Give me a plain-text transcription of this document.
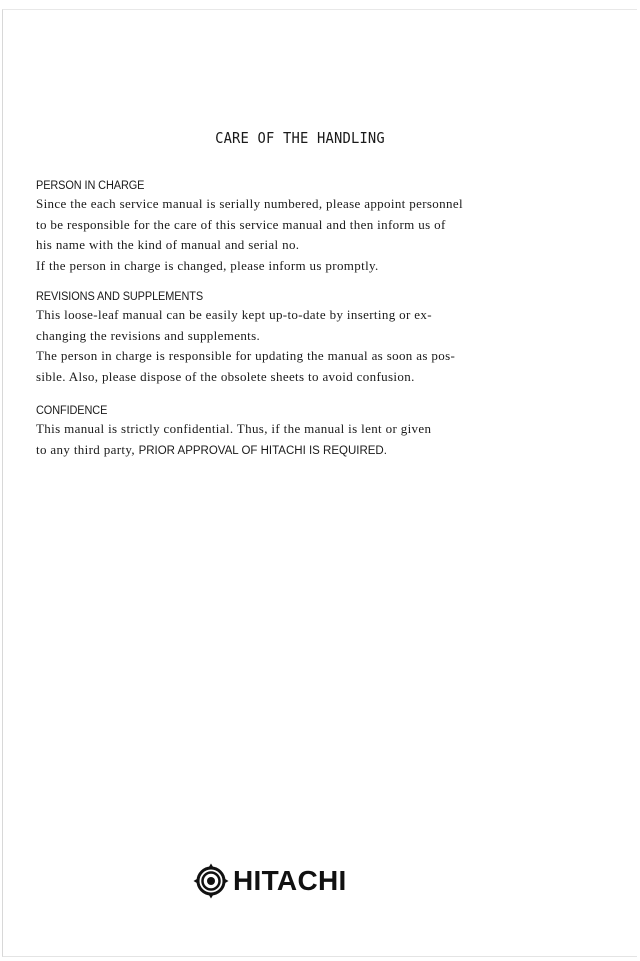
CARE OF THE HANDLING
PERSON IN CHARGE

Since the each service manual is serially numbered, please appoint personnel

to be responsible for the care of this service manual and then inform us of

his name with the kind of manual and serial no.

If the person in charge is changed, please inform us promptly.

REVISIONS AND SUPPLEMENTS

This loose-leaf manual can be easily kept up-to-date by inserting or ex-

changing the revisions and supplements.

The person in charge is responsible for updating the manual as soon as pos-

sible. Also, please dispose of the obsolete sheets to avoid confusion.

CONFIDENCE

This manual is strictly confidential. Thus, if the manual is lent or given

to any third party, PRIOR APPROVAL OF HITACHI IS REQUIRED.

HITACHI
